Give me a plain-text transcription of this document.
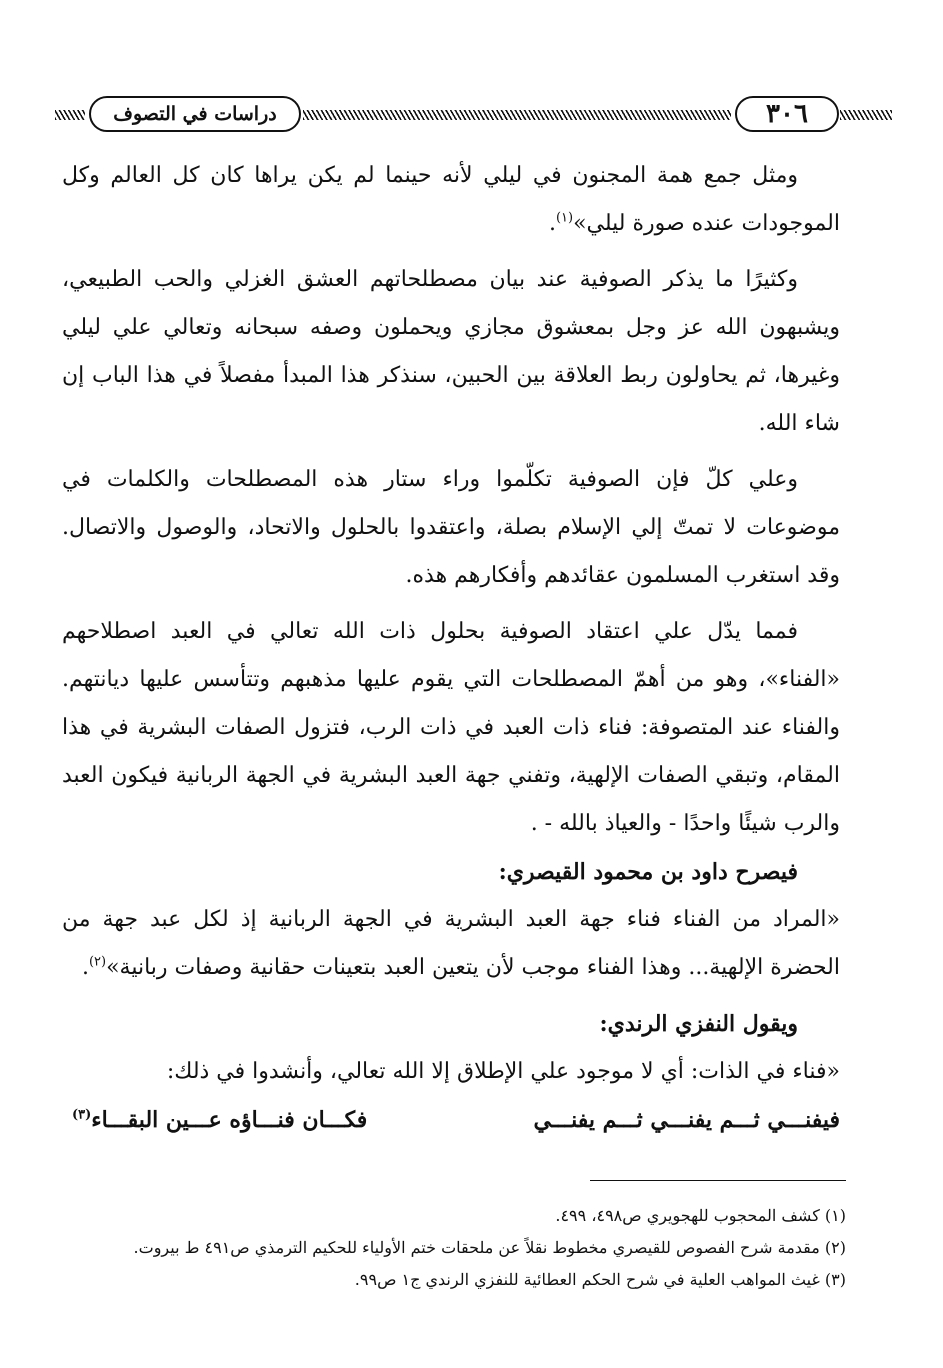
دراسات في التصوف	٣٠٦

ومثل جمع همة المجنون في ليلي لأنه حينما لم يكن يراها كان كل العالم وكل الموجودات عنده صورة ليلي»$^{(١)}$.

وكثيرًا ما يذكر الصوفية عند بيان مصطلحاتهم العشق الغزلي والحب الطبيعي، ويشبهون الله عز وجل بمعشوق مجازي ويحملون وصفه سبحانه وتعالي علي ليلي وغيرها، ثم يحاولون ربط العلاقة بين الحبين، سنذكر هذا المبدأ مفصلاً في هذا الباب إن شاء الله.

وعلي كلّ فإن الصوفية تكلّموا وراء ستار هذه المصطلحات والكلمات في موضوعات لا تمتّ إلي الإسلام بصلة، واعتقدوا بالحلول والاتحاد، والوصول والاتصال. وقد استغرب المسلمون عقائدهم وأفكارهم هذه.

فمما يدّل علي اعتقاد الصوفية بحلول ذات الله تعالي في العبد اصطلاحهم «الفناء»، وهو من أهمّ المصطلحات التي يقوم عليها مذهبهم وتتأسس عليها ديانتهم. والفناء عند المتصوفة: فناء ذات العبد في ذات الرب، فتزول الصفات البشرية في هذا المقام، وتبقي الصفات الإلهية، وتفني جهة العبد البشرية في الجهة الربانية فيكون العبد والرب شيئًا واحدًا - والعياذ بالله - .

فيصرح داود بن محمود القيصري:

«المراد من الفناء فناء جهة العبد البشرية في الجهة الربانية إذ لكل عبد جهة من الحضرة الإلهية... وهذا الفناء موجب لأن يتعين العبد بتعينات حقانية وصفات ربانية»$^{(٢)}$.

ويقول النفزي الرندي:

«فناء في الذات: أي لا موجود علي الإطلاق إلا الله تعالي، وأنشدوا في ذلك:

فيفنـــي ثـــم يفنـــي ثـــم يفنـــي
فكـــان فنـــاؤه عـــين البقـــاء$^{(٣)}$

(١) كشف المحجوب للهجويري ص٤٩٨، ٤٩٩.

(٢) مقدمة شرح الفصوص للقيصري مخطوط نقلاً عن ملحقات ختم الأولياء للحكيم الترمذي ص٤٩١ ط بيروت.

(٣) غيث المواهب العلية في شرح الحكم العطائية للنفزي الرندي ج١ ص٩٩.
